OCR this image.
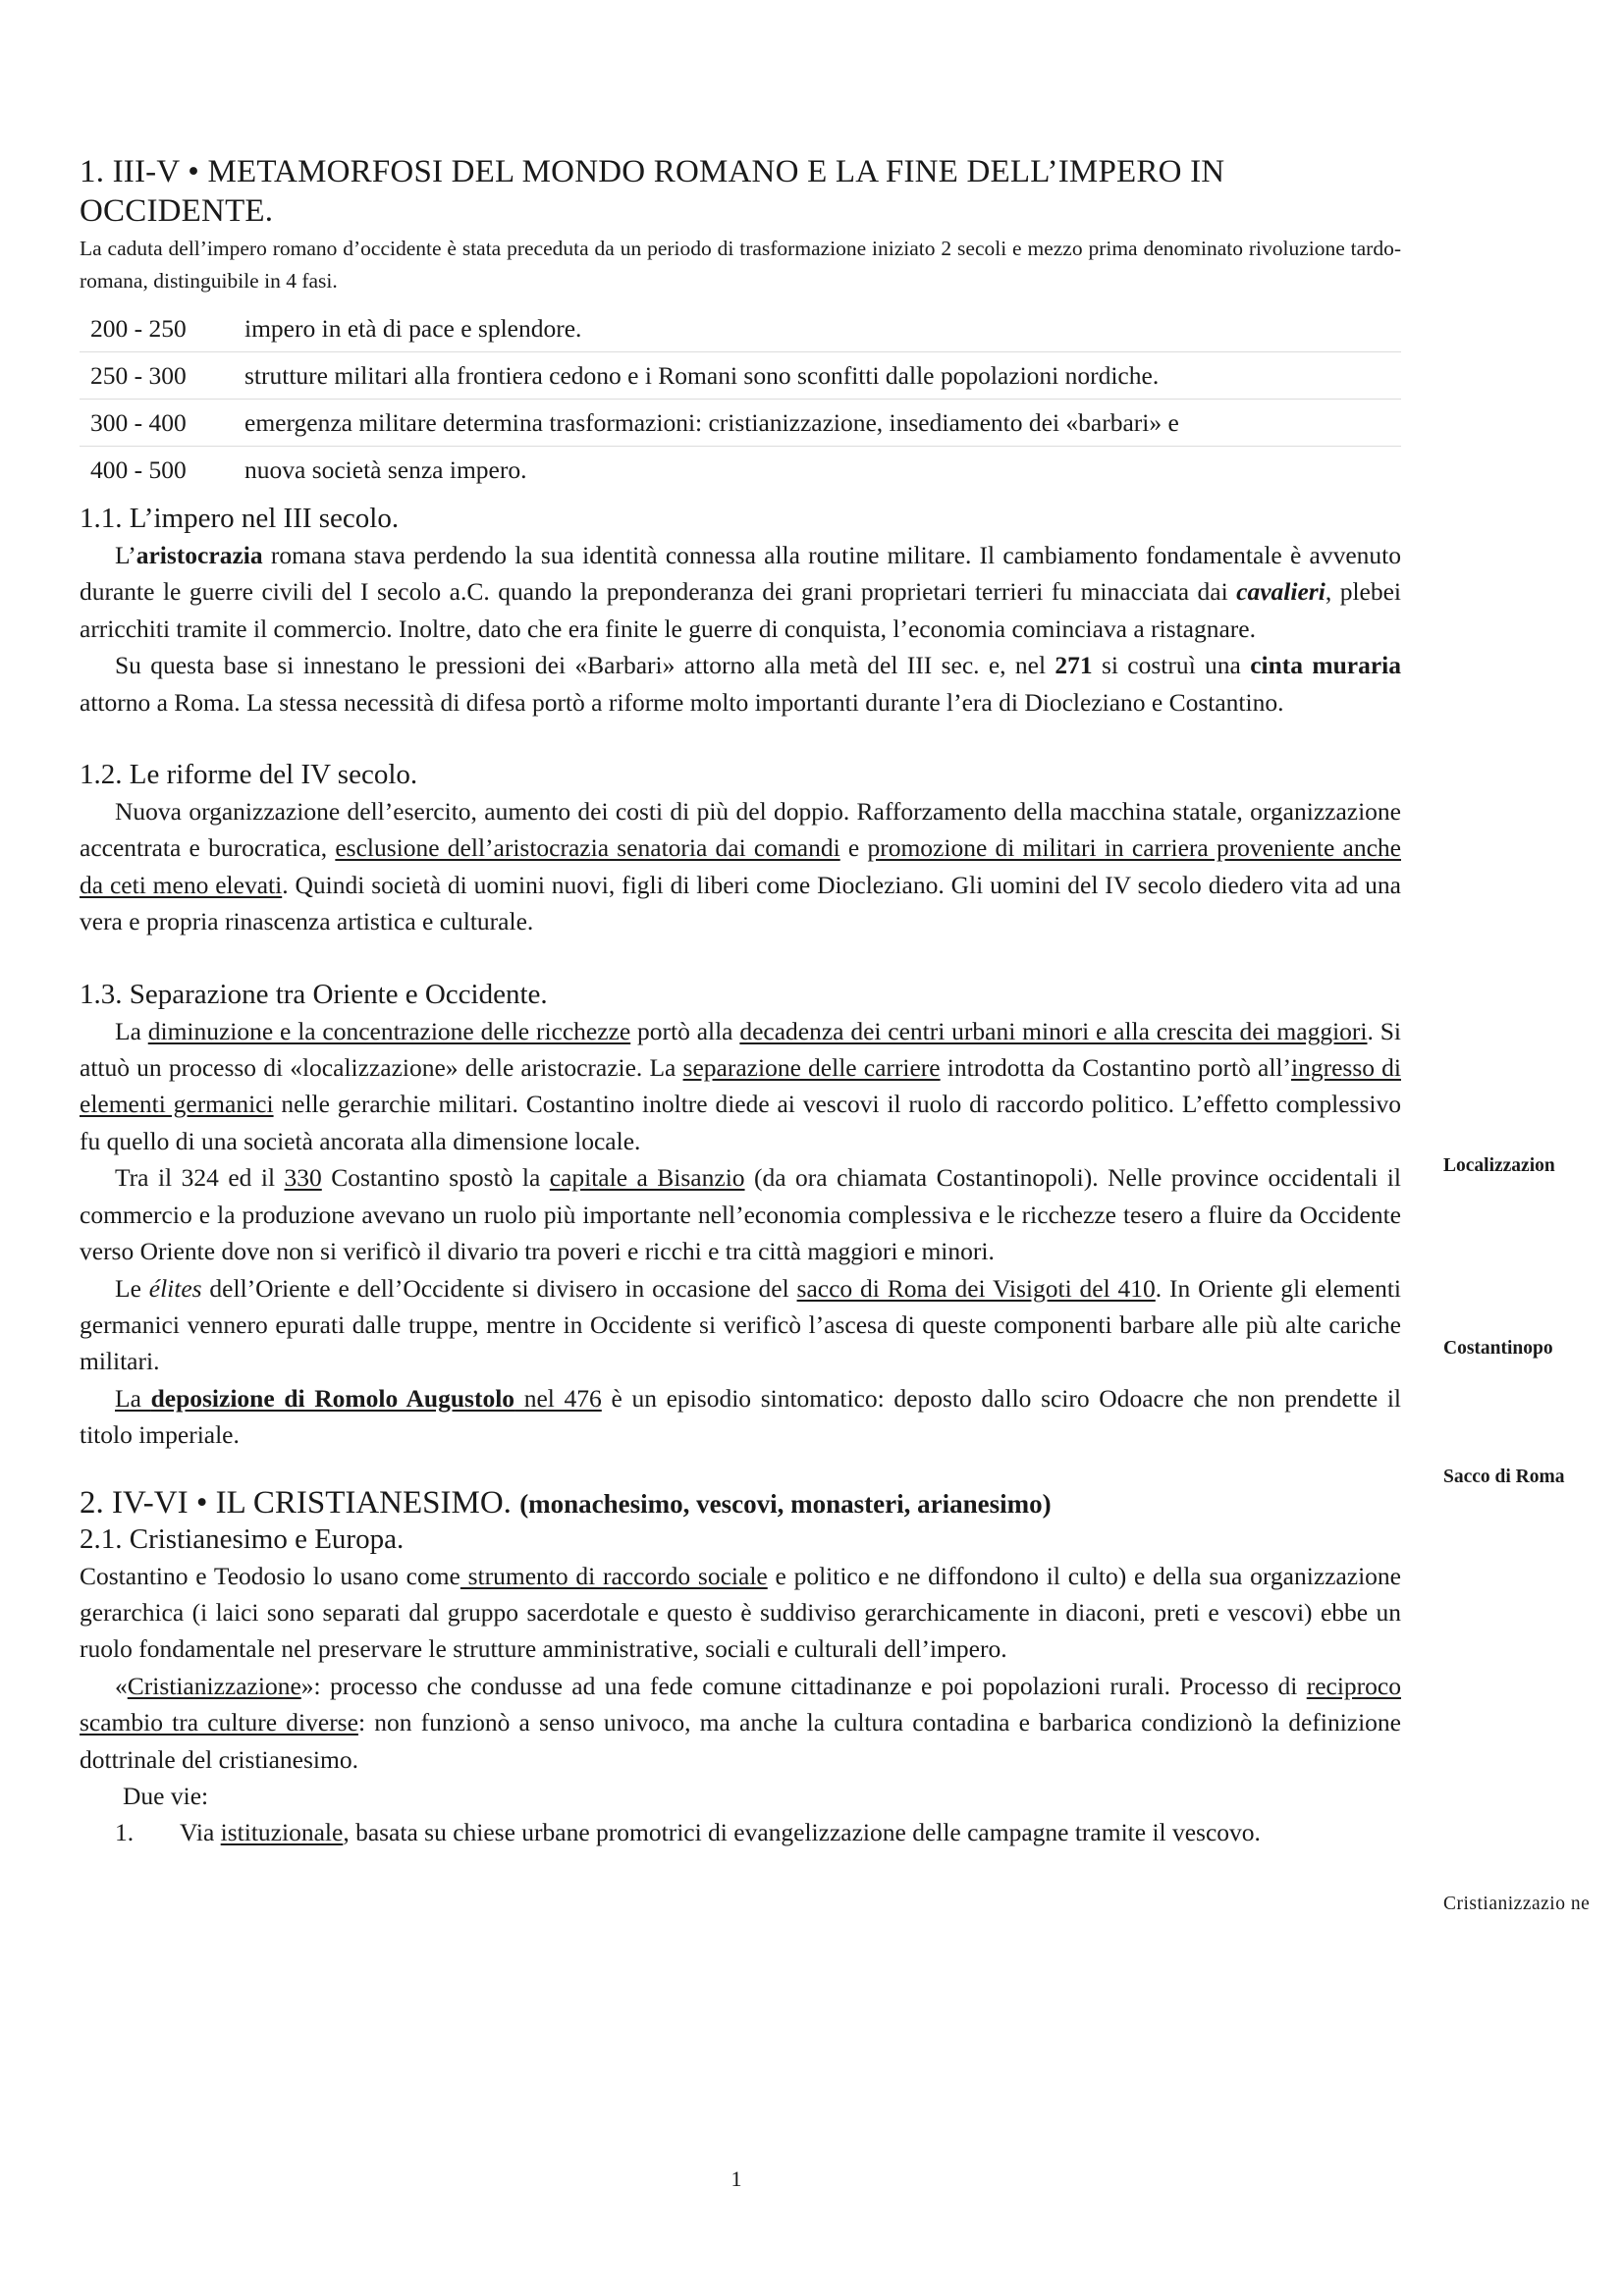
1. III-V • METAMORFOSI DEL MONDO ROMANO E LA FINE DELL’IMPERO IN
OCCIDENTE.

La caduta dell’impero romano d’occidente è stata preceduta da un periodo di trasformazione iniziato 2 secoli e mezzo prima denominato rivoluzione tardo-romana, distinguibile in 4 fasi.

200 - 250	impero in età di pace e splendore.
250 - 300	strutture militari alla frontiera cedono e i Romani sono sconfitti dalle popolazioni nordiche.
300 - 400	emergenza militare determina trasformazioni: cristianizzazione, insediamento dei «barbari» e
400 - 500	nuova società senza impero.
1.1. L’impero nel III secolo.

L’aristocrazia romana stava perdendo la sua identità connessa alla routine militare. Il cambiamento fondamentale è avvenuto durante le guerre civili del I secolo a.C. quando la preponderanza dei grani proprietari terrieri fu minacciata dai cavalieri, plebei arricchiti tramite il commercio. Inoltre, dato che era finite le guerre di conquista, l’economia cominciava a ristagnare.

Su questa base si innestano le pressioni dei «Barbari» attorno alla metà del III sec. e, nel 271 si costruì una cinta muraria attorno a Roma. La stessa necessità di difesa portò a riforme molto importanti durante l’era di Diocleziano e Costantino.

1.2. Le riforme del IV secolo.

Nuova organizzazione dell’esercito, aumento dei costi di più del doppio. Rafforzamento della macchina statale, organizzazione accentrata e burocratica, esclusione dell’aristocrazia senatoria dai comandi e promozione di militari in carriera proveniente anche da ceti meno elevati. Quindi società di uomini nuovi, figli di liberi come Diocleziano. Gli uomini del IV secolo diedero vita ad una vera e propria rinascenza artistica e culturale.

1.3. Separazione tra Oriente e Occidente.

La diminuzione e la concentrazione delle ricchezze portò alla decadenza dei centri urbani minori e alla crescita dei maggiori. Si attuò un processo di «localizzazione» delle aristocrazie. La separazione delle carriere introdotta da Costantino portò all’ingresso di elementi germanici nelle gerarchie militari. Costantino inoltre diede ai vescovi il ruolo di raccordo politico. L’effetto complessivo fu quello di una società ancorata alla dimensione locale.

Tra il 324 ed il 330 Costantino spostò la capitale a Bisanzio (da ora chiamata Costantinopoli). Nelle province occidentali il commercio e la produzione avevano un ruolo più importante nell’economia complessiva e le ricchezze tesero a fluire da Occidente verso Oriente dove non si verificò il divario tra poveri e ricchi e tra città maggiori e minori.

Le élites dell’Oriente e dell’Occidente si divisero in occasione del sacco di Roma dei Visigoti del 410. In Oriente gli elementi germanici vennero epurati dalle truppe, mentre in Occidente si verificò l’ascesa di queste componenti barbare alle più alte cariche militari.

La deposizione di Romolo Augustolo nel 476 è un episodio sintomatico: deposto dallo sciro Odoacre che non prendette il titolo imperiale.

2. IV-VI • IL CRISTIANESIMO. (monachesimo, vescovi, monasteri, arianesimo)
2.1. Cristianesimo e Europa.

Costantino e Teodosio lo usano come strumento di raccordo sociale e politico e ne diffondono il culto) e della sua organizzazione gerarchica (i laici sono separati dal gruppo sacerdotale e questo è suddiviso gerarchicamente in diaconi, preti e vescovi) ebbe un ruolo fondamentale nel preservare le strutture amministrative, sociali e culturali dell’impero.

«Cristianizzazione»: processo che condusse ad una fede comune cittadinanze e poi popolazioni rurali. Processo di reciproco scambio tra culture diverse: non funzionò a senso univoco, ma anche la cultura contadina e barbarica condizionò la definizione dottrinale del cristianesimo.

Due vie:

1. Via istituzionale, basata su chiese urbane promotrici di evangelizzazione delle campagne tramite il vescovo.
Localizzazion
Costantinopo
Sacco di Roma
Cristianizzazio ne
1
